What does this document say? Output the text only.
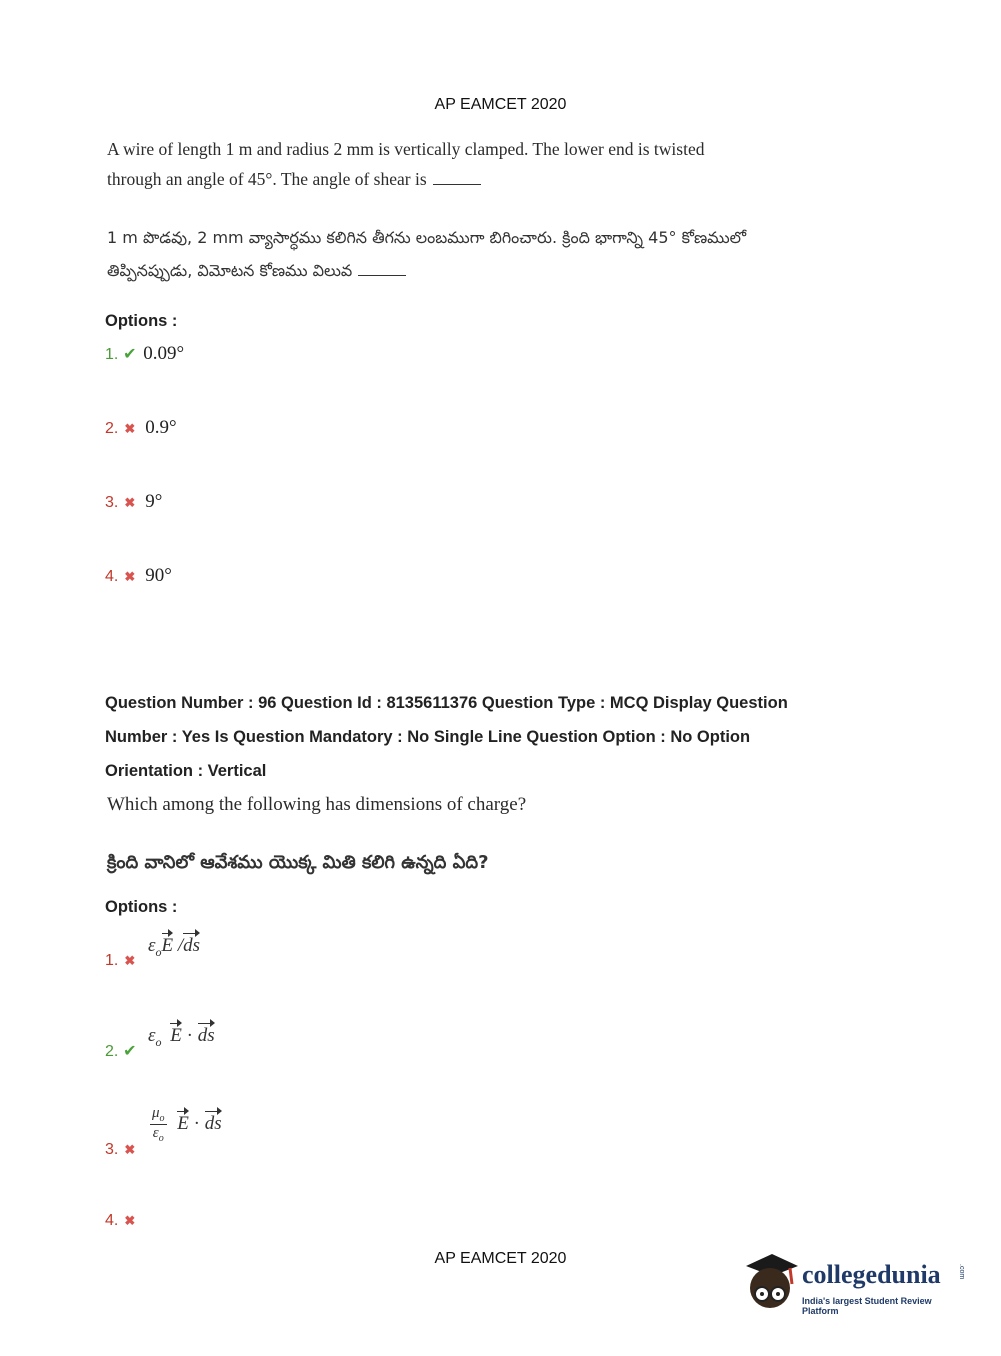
AP EAMCET 2020
A wire of length 1 m and radius 2 mm is vertically clamped. The lower end is twisted
through an angle of 45°. The angle of shear is
1 m పొడవు, 2 mm వ్యాసార్ధము కలిగిన తీగను లంబముగా బిగించారు. క్రింది భాగాన్ని 45° కోణములో
తిప్పినప్పుడు, విమోటన కోణము విలువ
Options :
1. ✔ 0.09°
2. ✖ 0.9°
3. ✖ 9°
4. ✖ 90°
Question Number : 96 Question Id : 8135611376 Question Type : MCQ Display Question
Number : Yes Is Question Mandatory : No Single Line Question Option : No Option
Orientation : Vertical
Which among the following has dimensions of charge?
క్రింది వానిలో ఆవేశము యొక్క మితి కలిగి ఉన్నది ఏది?
Options :
1. ✖
$\varepsilon_oE$ /ds
2. ✔
$\varepsilon_o$ E · ds
3. ✖
$\frac{\mu_o}{\varepsilon_o}$ E · ds
4. ✖
AP EAMCET 2020
collegedunia .com
India's largest Student Review Platform
